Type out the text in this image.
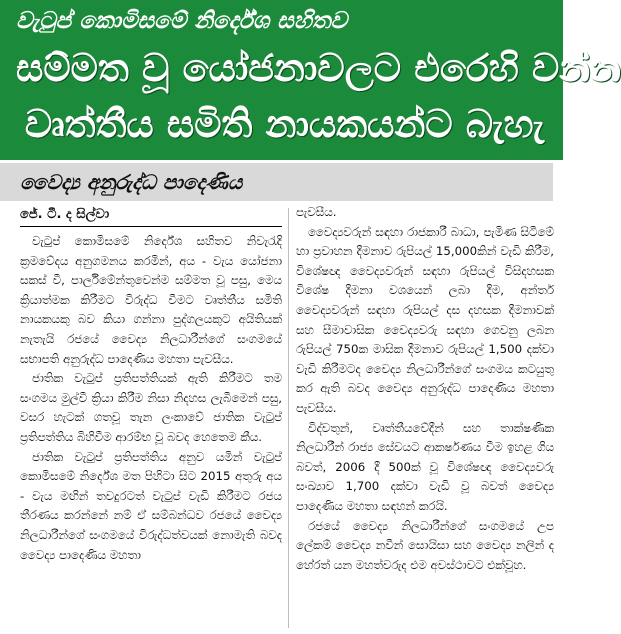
වැටුප් කොමිසමේ නිර්දේශ සහිතව
සම්මත වූ යෝජනාවලට එරෙහි වන්න
වෘත්තීය සමිති නායකයන්ට බැහැ
වෛද්‍ය අනුරුද්ධ පාදෙණිය
ජේ. ටී. ද සිල්වා

වැටුප් කොමිසමේ නිර්දේශ සහිතව නිවැරැදි ක්‍රමවේදය අනුගමනය කරමින්, අය - වැය යෝජනා සකස් වී, පාර්ලිමේන්තුවෙන්ම සම්මත වූ පසු, මෙය ක්‍රියාත්මක කිරීමට විරුද්ධ වීමට වෘත්තීය සමිති නායකයකු බව කියා ගන්නා පුද්ගලයකුට අයිතියක් නැතැයි රජයේ වෛද්‍ය නිලධාරීන්ගේ සංගමයේ සභාපති අනුරුද්ධ පාදෙණිය මහතා පැවසීය.

ජාතික වැටුප් ප්‍රතිපත්තියක් ඇති කිරීමට තම සංගමය මුල්වී ක්‍රියා කිරීම නිසා නිදහස ලැබීමෙන් පසු, වසර හැටක් ගතවූ තැන ලංකාවේ ජාතික වැටුප් ප්‍රතිපත්තිය බිහිවීම ආරම්භ වූ බවද හෙතෙම කීය.

ජාතික වැටුප් ප්‍රතිපත්තිය අනුව යමින් වැටුප් කොමිසමේ නිර්දේශ මත පිහිටා සිට 2015 අතුරු අය - වැය මඟින් තවදුරටත් වැටුප් වැඩි කිරීමට රජය තීරණය කරන්නේ නම් ඒ සම්බන්ධව රජයේ වෛද්‍ය නිලධාරීන්ගේ සංගමයේ විරුද්ධත්වයක් නොමැති බවද වෛද්‍ය පාදෙණිය මහතා

පැවසීය.

වෛද්‍යවරුන් සඳහා රාජකාරී බාධා, පැමිණ සිටීමේ හා ප්‍රවාහන දීමනාව රුපියල් 15,000කින් වැඩි කිරීම, විශේෂඥ වෛද්‍යවරුන් සඳහා රුපියල් විසිදහසක විශේෂ දීමනා වශයෙන් ලබා දීම, අන්තර් වෛද්‍යවරුන් සඳහා රුපියල් දස දහසක දීමනාවක් සහ සීමාවාසික වෛද්‍යවරු සඳහා ගෙවනු ලබන රුපියල් 750ක මාසික දීමනාව රුපියල් 1,500 දක්වා වැඩි කිරීමටද වෛද්‍ය නිලධාරීන්ගේ සංගමය කටයුතු කර ඇති බවද වෛද්‍ය අනුරුද්ධ පාදෙණිය මහතා පැවසීය.

විද්වතුන්, වෘත්තීයවේදීන් සහ තාක්ෂණික නිලධාරීන් රාජ්‍ය සේවයට ආකර්ෂණය වීම ඉහළ ගිය බවත්, 2006 දී 500ක් වූ විශේෂඥ වෛද්‍යවරු සංඛ්‍යාව 1,700 දක්වා වැඩි වූ බවත් වෛද්‍ය පාදෙණිය මහතා සඳහන් කරයි.

රජයේ වෛද්‍ය නිලධාරීන්ගේ සංගමයේ උප ලේකම් වෛද්‍ය නවීන් සොයිසා සහ වෛද්‍ය නලින් ද හේරත් යන මහත්වරුද එම අවස්ථාවට එක්වූහ.
